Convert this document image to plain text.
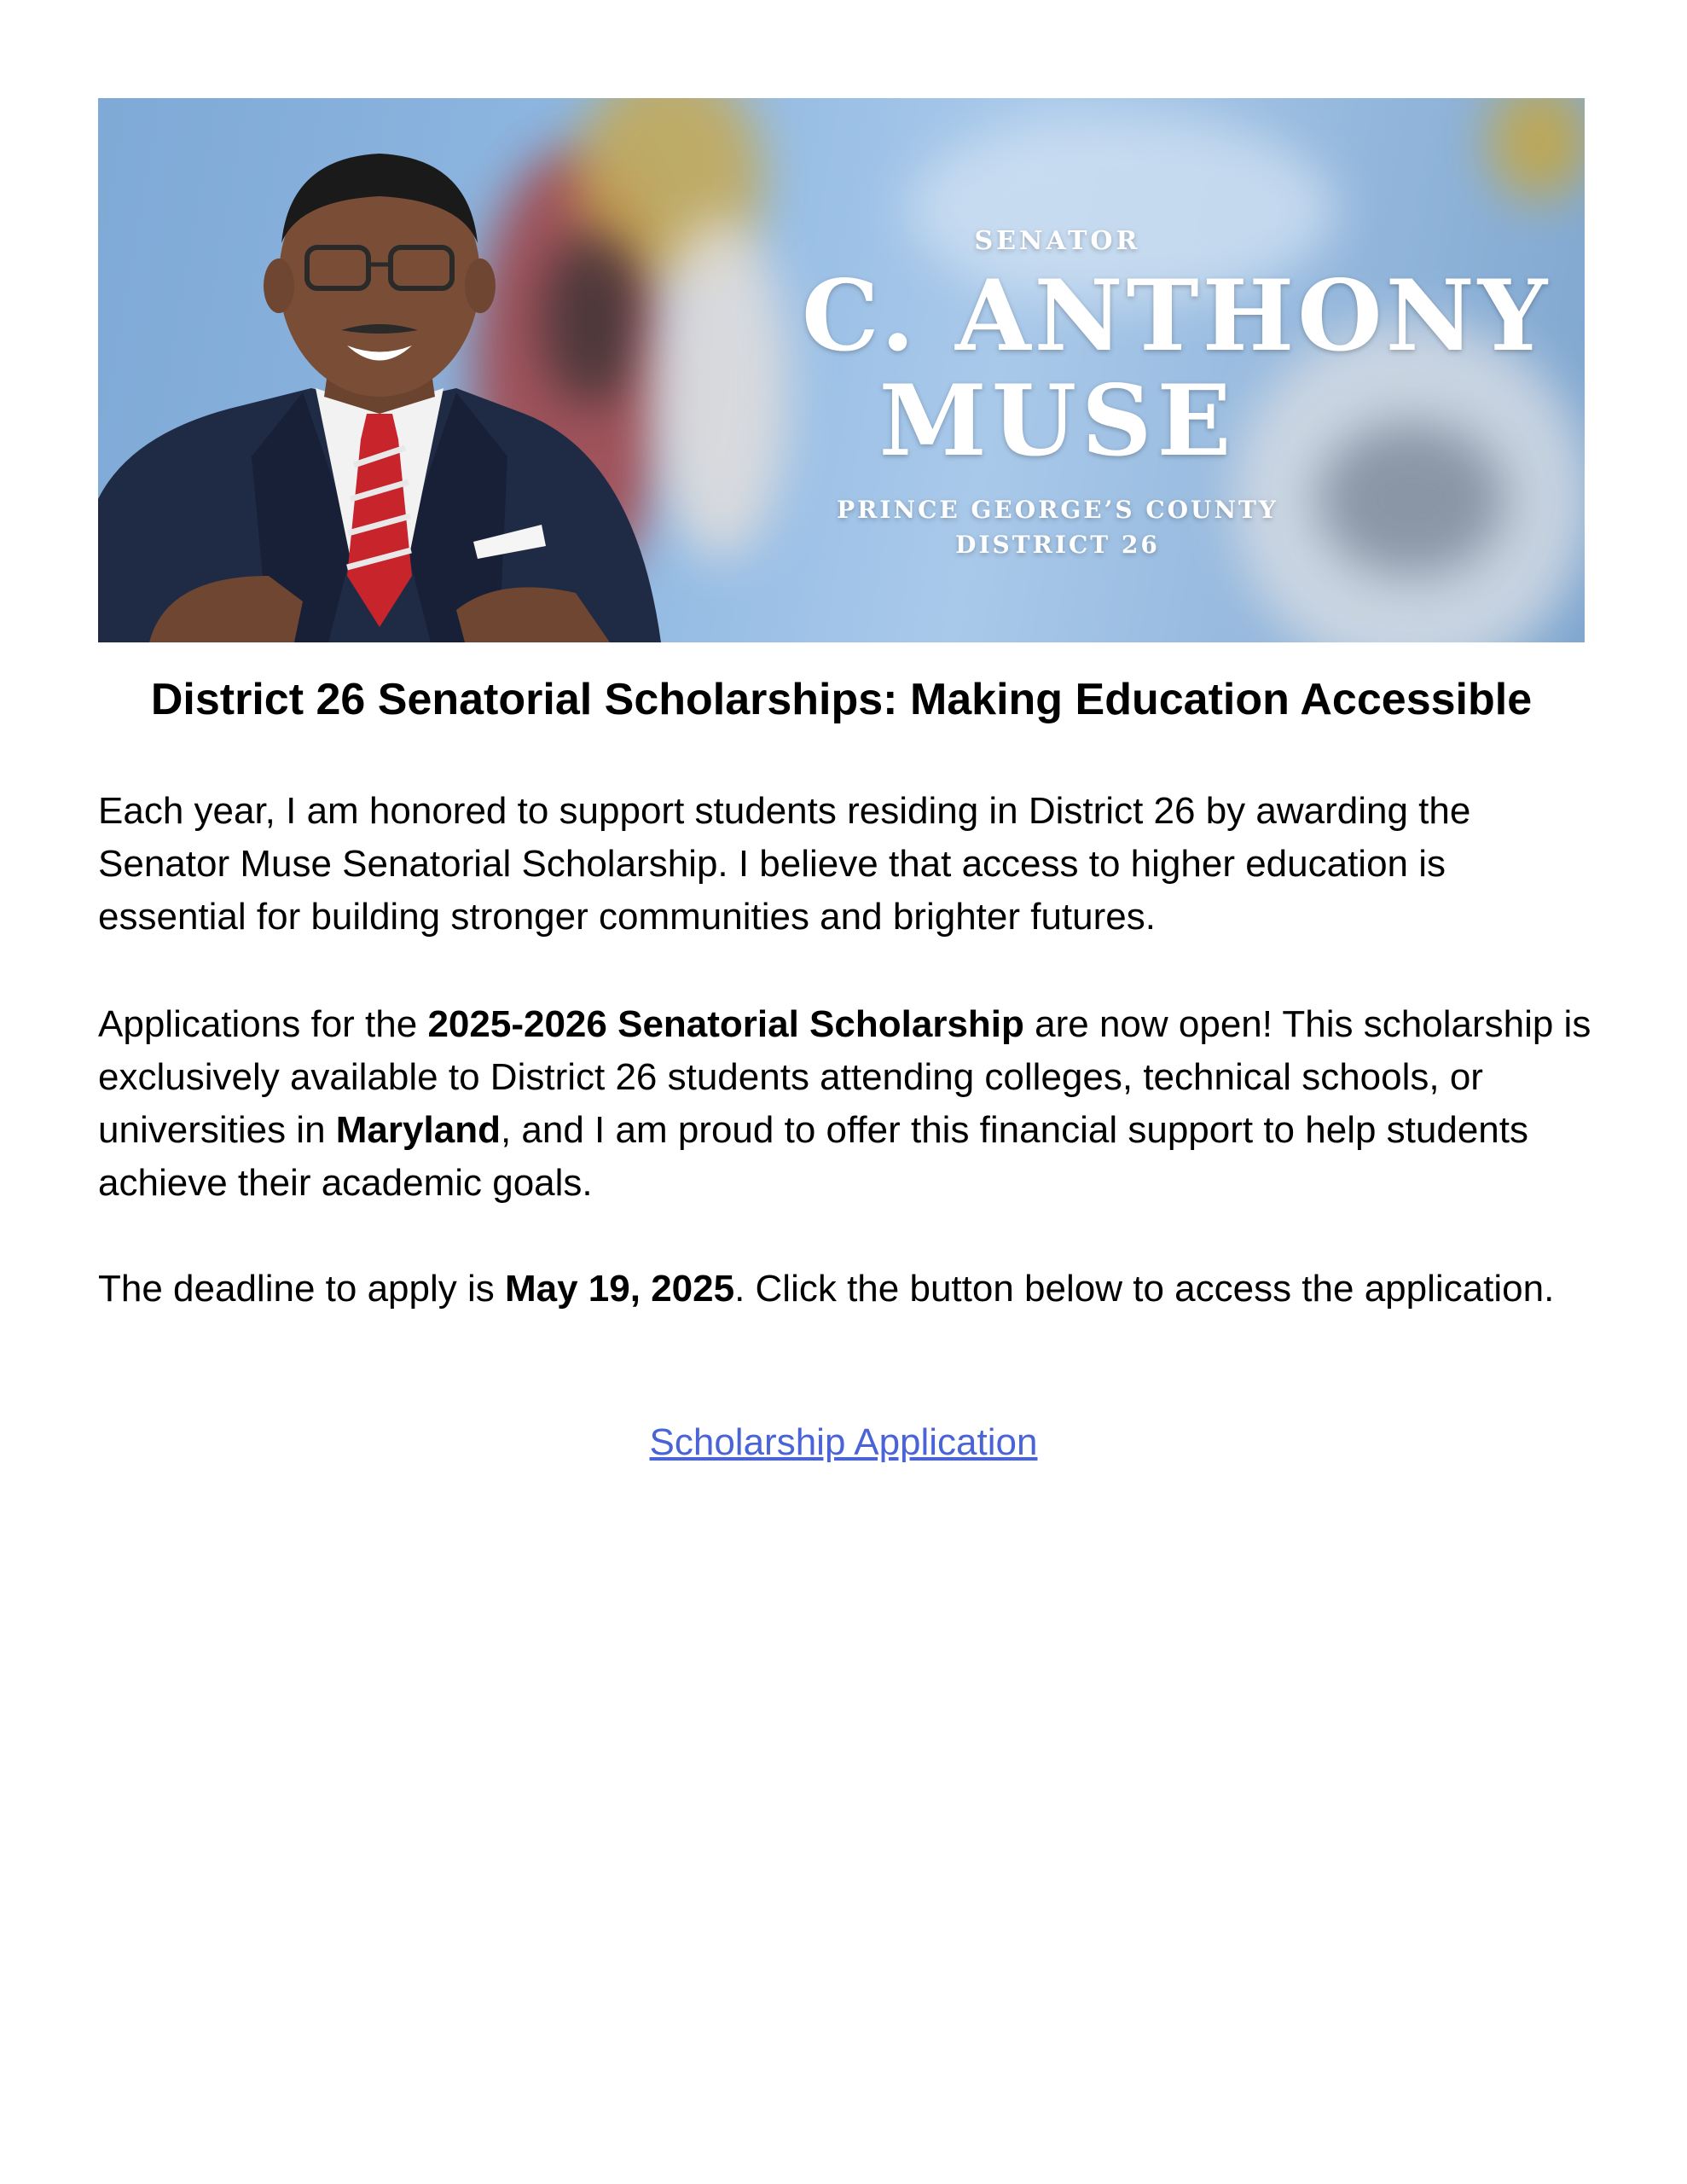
SENATOR
C. ANTHONY
MUSE
PRINCE GEORGE’S COUNTY
DISTRICT 26
District 26 Senatorial Scholarships: Making Education Accessible
Each year, I am honored to support students residing in District 26 by awarding the Senator Muse Senatorial Scholarship. I believe that access to higher education is essential for building stronger communities and brighter futures.
Applications for the 2025-2026 Senatorial Scholarship are now open! This scholarship is exclusively available to District 26 students attending colleges, technical schools, or universities in Maryland, and I am proud to offer this financial support to help students achieve their academic goals.
The deadline to apply is May 19, 2025. Click the button below to access the application.
Scholarship Application
